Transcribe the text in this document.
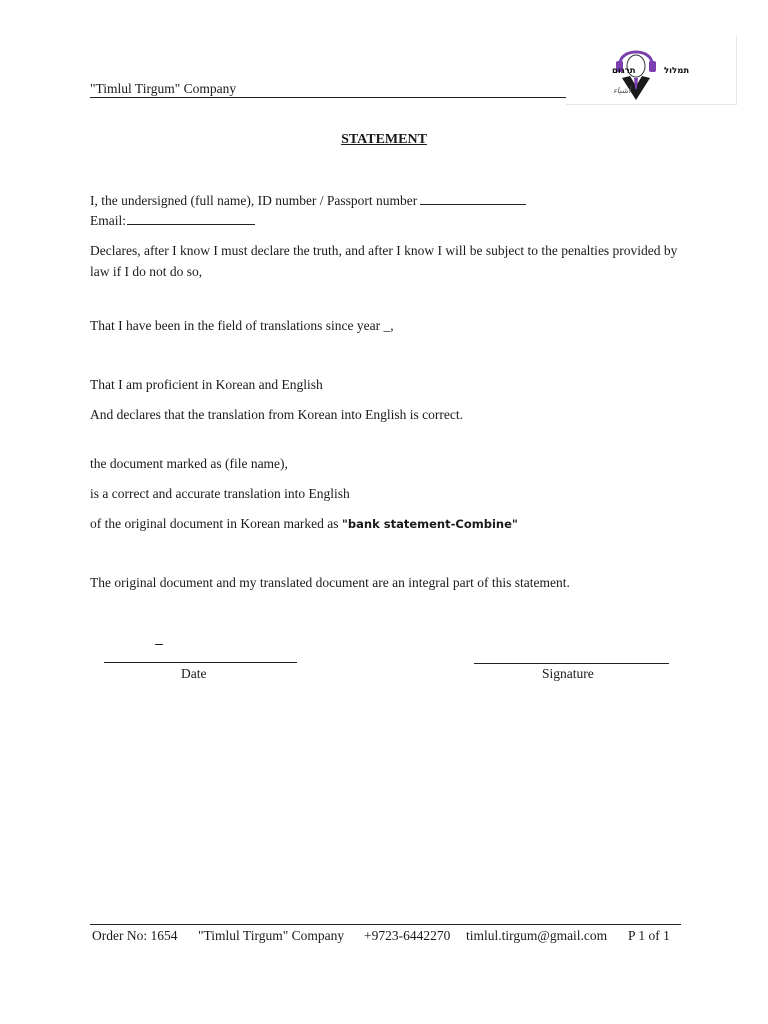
"Timlul Tirgum" Company
תרגום	תמלול
أشياء
STATEMENT
I, the undersigned (full name), ID number / Passport number
Email:
Declares, after I know I must declare the truth, and after I know I will be subject to the penalties provided by law if I do not do so,
That I have been in the field of translations since year _,
That I am proficient in Korean and English
And declares that the translation from Korean into English is correct.
the document marked as (file name),
is a correct and accurate translation into English
of the original document in Korean marked as "bank statement-Combine"
The original document and my translated document are an integral part of this statement.
Date	Signature
Order No: 1654 "Timlul Tirgum" Company +9723-6442270 timlul.tirgum@gmail.com P 1 of 1
